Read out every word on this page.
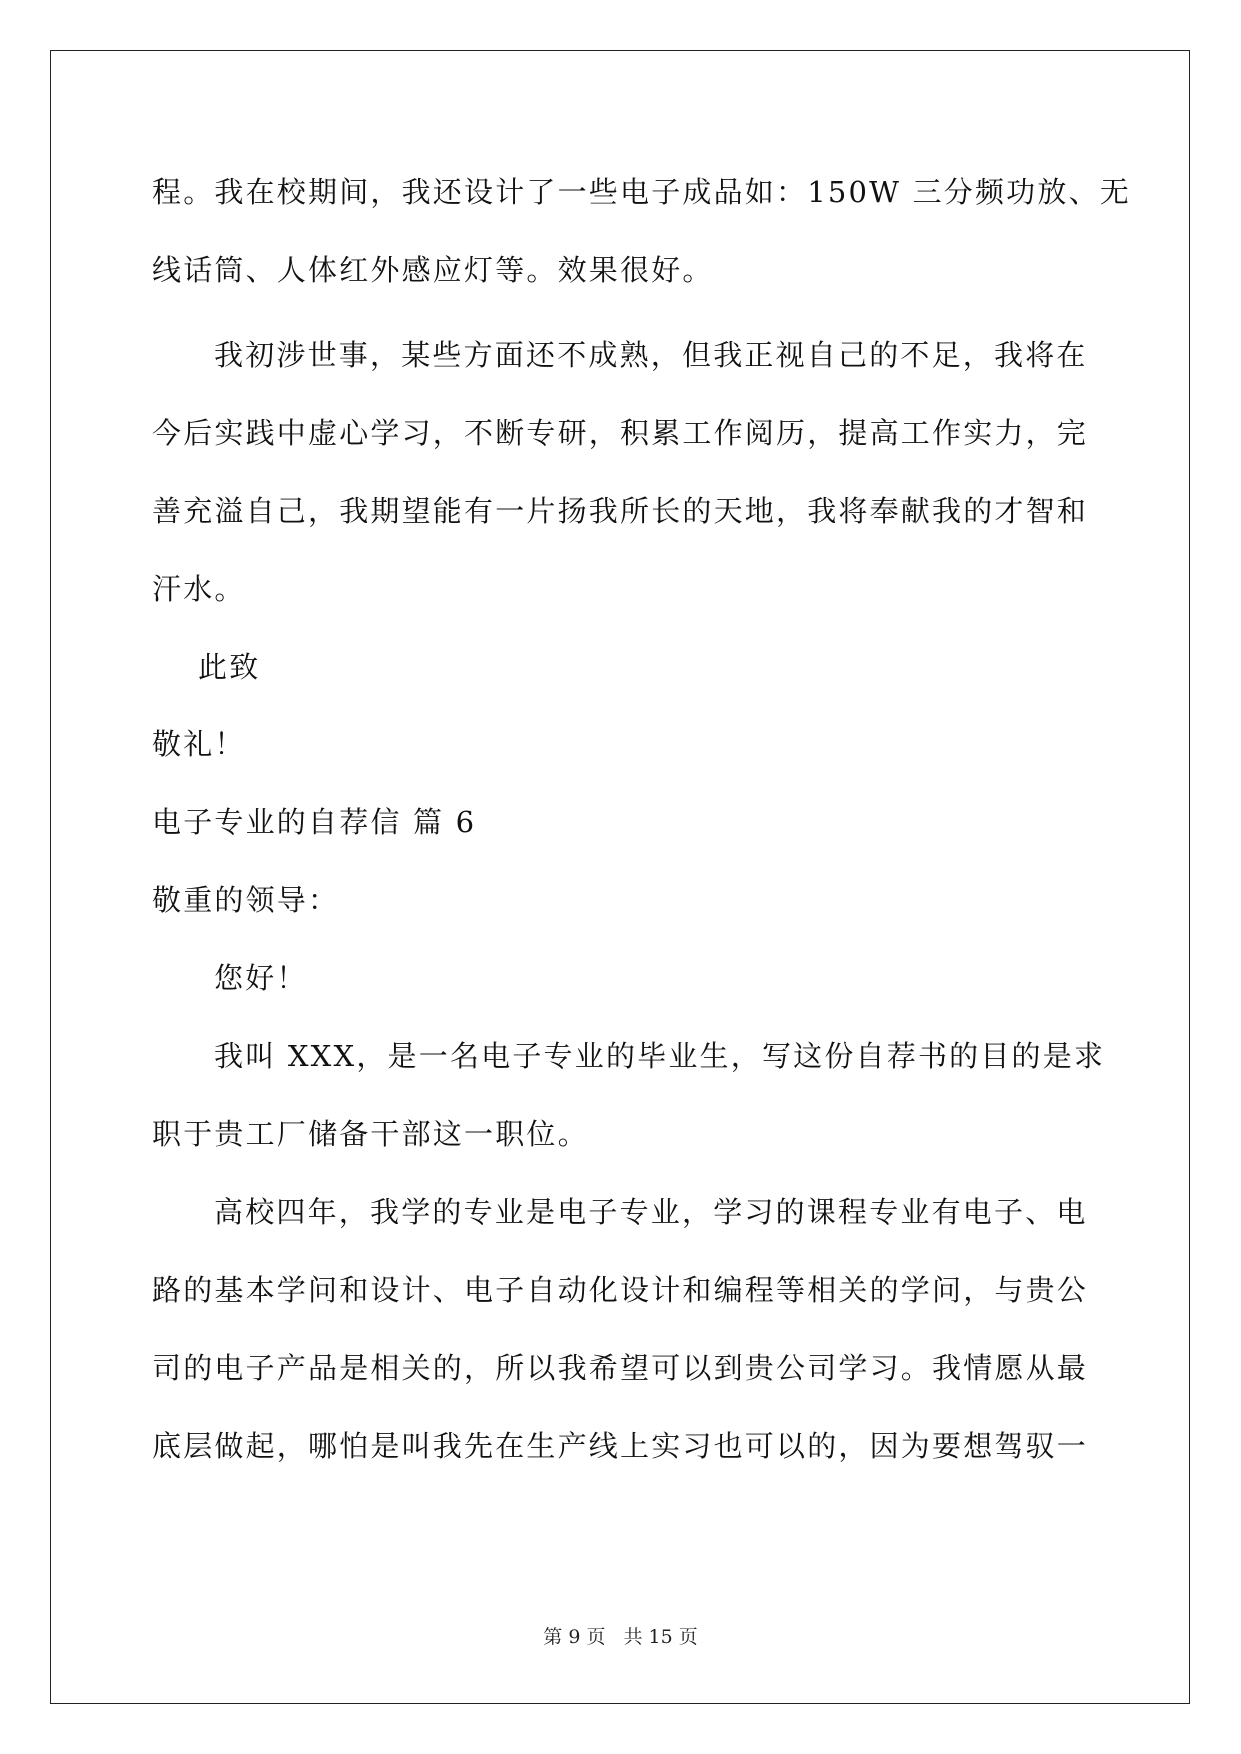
程。我在校期间，我还设计了一些电子成品如：150W 三分频功放、无
线话筒、人体红外感应灯等。效果很好。
我初涉世事，某些方面还不成熟，但我正视自己的不足，我将在
今后实践中虚心学习，不断专研，积累工作阅历，提高工作实力，完
善充溢自己，我期望能有一片扬我所长的天地，我将奉献我的才智和
汗水。
此致
敬礼！
电子专业的自荐信 篇 6
敬重的领导：
您好！
我叫 XXX，是一名电子专业的毕业生，写这份自荐书的目的是求
职于贵工厂储备干部这一职位。
高校四年，我学的专业是电子专业，学习的课程专业有电子、电
路的基本学问和设计、电子自动化设计和编程等相关的学问，与贵公
司的电子产品是相关的，所以我希望可以到贵公司学习。我情愿从最
底层做起，哪怕是叫我先在生产线上实习也可以的，因为要想驾驭一
第 9 页 共 15 页
